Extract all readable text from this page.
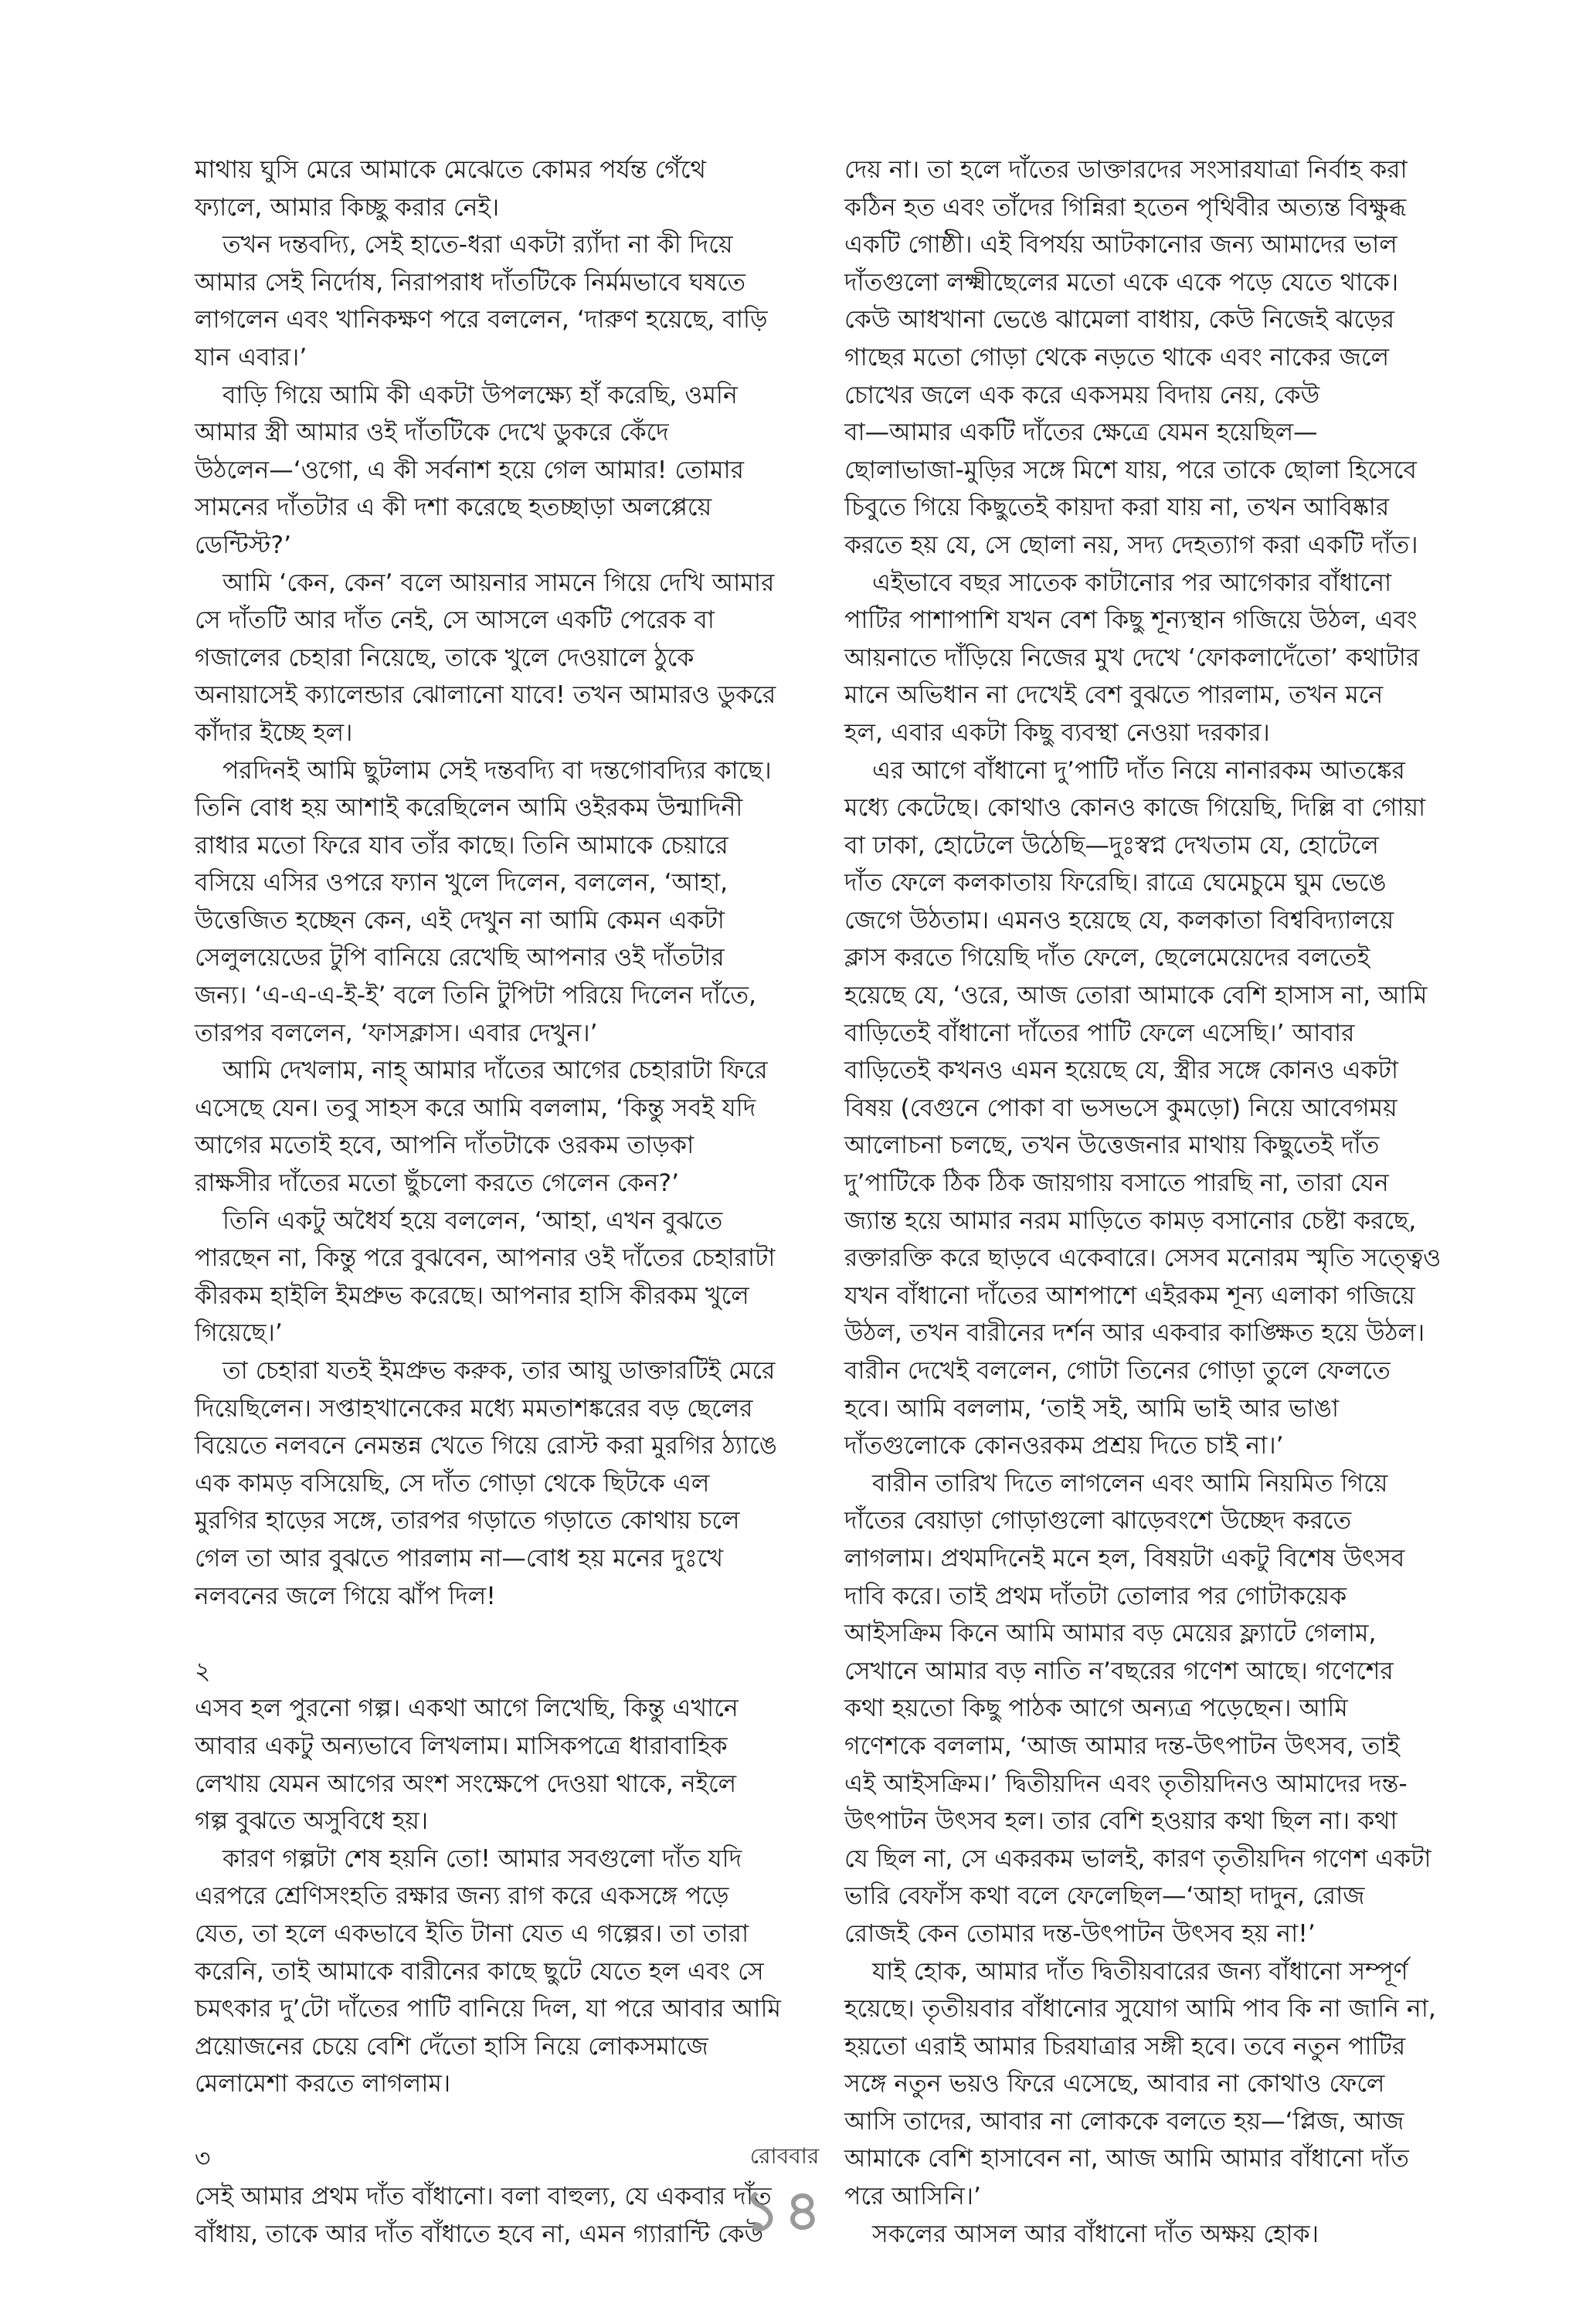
মাথায় ঘুসি মেরে আমাকে মেঝেতে কোমর পর্যন্ত গেঁথে
ফ্যালে, আমার কিচ্ছু করার নেই।
তখন দন্তবদ্যি, সেই হাতে-ধরা একটা র‍্যাঁদা না কী দিয়ে
আমার সেই নির্দোষ, নিরাপরাধ দাঁতটিকে নির্মমভাবে ঘষতে
লাগলেন এবং খানিকক্ষণ পরে বললেন, ‘দারুণ হয়েছে, বাড়ি
যান এবার।’
বাড়ি গিয়ে আমি কী একটা উপলক্ষ্যে হাঁ করেছি, ওমনি
আমার স্ত্রী আমার ওই দাঁতটিকে দেখে ডুকরে কেঁদে
উঠলেন—‘ওগো, এ কী সর্বনাশ হয়ে গেল আমার! তোমার
সামনের দাঁতটার এ কী দশা করেছে হতচ্ছাড়া অলপ্পেয়ে
ডেন্টিস্ট?’
আমি ‘কেন, কেন’ বলে আয়নার সামনে গিয়ে দেখি আমার
সে দাঁতটি আর দাঁত নেই, সে আসলে একটি পেরেক বা
গজালের চেহারা নিয়েছে, তাকে খুলে দেওয়ালে ঠুকে
অনায়াসেই ক্যালেন্ডার ঝোলানো যাবে! তখন আমারও ডুকরে
কাঁদার ইচ্ছে হল।
পরদিনই আমি ছুটলাম সেই দন্তবদ্যি বা দন্তগোবদ্যির কাছে।
তিনি বোধ হয় আশাই করেছিলেন আমি ওইরকম উন্মাদিনী
রাধার মতো ফিরে যাব তাঁর কাছে। তিনি আমাকে চেয়ারে
বসিয়ে এসির ওপরে ফ্যান খুলে দিলেন, বললেন, ‘আহা,
উত্তেজিত হচ্ছেন কেন, এই দেখুন না আমি কেমন একটা
সেলুলয়েডের টুপি বানিয়ে রেখেছি আপনার ওই দাঁতটার
জন্য। ‘এ-এ-এ-ই-ই’ বলে তিনি টুপিটা পরিয়ে দিলেন দাঁতে,
তারপর বললেন, ‘ফাসক্লাস। এবার দেখুন।’
আমি দেখলাম, নাহ্ আমার দাঁতের আগের চেহারাটা ফিরে
এসেছে যেন। তবু সাহস করে আমি বললাম, ‘কিন্তু সবই যদি
আগের মতোই হবে, আপনি দাঁতটাকে ওরকম তাড়কা
রাক্ষসীর দাঁতের মতো ছুঁচলো করতে গেলেন কেন?’
তিনি একটু অধৈর্য হয়ে বললেন, ‘আহা, এখন বুঝতে
পারছেন না, কিন্তু পরে বুঝবেন, আপনার ওই দাঁতের চেহারাটা
কীরকম হাইলি ইমপ্রুভ করেছে। আপনার হাসি কীরকম খুলে
গিয়েছে।’
তা চেহারা যতই ইমপ্রুভ করুক, তার আয়ু ডাক্তারটিই মেরে
দিয়েছিলেন। সপ্তাহখানেকের মধ্যে মমতাশঙ্করের বড় ছেলের
বিয়েতে নলবনে নেমন্তন্ন খেতে গিয়ে রোস্ট করা মুরগির ঠ্যাঙে
এক কামড় বসিয়েছি, সে দাঁত গোড়া থেকে ছিটকে এল
মুরগির হাড়ের সঙ্গে, তারপর গড়াতে গড়াতে কোথায় চলে
গেল তা আর বুঝতে পারলাম না—বোধ হয় মনের দুঃখে
নলবনের জলে গিয়ে ঝাঁপ দিল!
২
এসব হল পুরনো গল্প। একথা আগে লিখেছি, কিন্তু এখানে
আবার একটু অন্যভাবে লিখলাম। মাসিকপত্রে ধারাবাহিক
লেখায় যেমন আগের অংশ সংক্ষেপে দেওয়া থাকে, নইলে
গল্প বুঝতে অসুবিধে হয়।
কারণ গল্পটা শেষ হয়নি তো! আমার সবগুলো দাঁত যদি
এরপরে শ্রেণিসংহতি রক্ষার জন্য রাগ করে একসঙ্গে পড়ে
যেত, তা হলে একভাবে ইতি টানা যেত এ গল্পের। তা তারা
করেনি, তাই আমাকে বারীনের কাছে ছুটে যেতে হল এবং সে
চমৎকার দু’টো দাঁতের পাটি বানিয়ে দিল, যা পরে আবার আমি
প্রয়োজনের চেয়ে বেশি দেঁতো হাসি নিয়ে লোকসমাজে
মেলামেশা করতে লাগলাম।
৩
সেই আমার প্রথম দাঁত বাঁধানো। বলা বাহুল্য, যে একবার দাঁত
বাঁধায়, তাকে আর দাঁত বাঁধাতে হবে না, এমন গ্যারান্টি কেউ
দেয় না। তা হলে দাঁতের ডাক্তারদের সংসারযাত্রা নির্বাহ করা
কঠিন হত এবং তাঁদের গিন্নিরা হতেন পৃথিবীর অত্যন্ত বিক্ষুব্ধ
একটি গোষ্ঠী। এই বিপর্যয় আটকানোর জন্য আমাদের ভাল
দাঁতগুলো লক্ষ্মীছেলের মতো একে একে পড়ে যেতে থাকে।
কেউ আধখানা ভেঙে ঝামেলা বাধায়, কেউ নিজেই ঝড়ের
গাছের মতো গোড়া থেকে নড়তে থাকে এবং নাকের জলে
চোখের জলে এক করে একসময় বিদায় নেয়, কেউ
বা—আমার একটি দাঁতের ক্ষেত্রে যেমন হয়েছিল—
ছোলাভাজা-মুড়ির সঙ্গে মিশে যায়, পরে তাকে ছোলা হিসেবে
চিবুতে গিয়ে কিছুতেই কায়দা করা যায় না, তখন আবিষ্কার
করতে হয় যে, সে ছোলা নয়, সদ্য দেহত্যাগ করা একটি দাঁত।
এইভাবে বছর সাতেক কাটানোর পর আগেকার বাঁধানো
পাটির পাশাপাশি যখন বেশ কিছু শূন্যস্থান গজিয়ে উঠল, এবং
আয়নাতে দাঁড়িয়ে নিজের মুখ দেখে ‘ফোকলাদেঁতো’ কথাটার
মানে অভিধান না দেখেই বেশ বুঝতে পারলাম, তখন মনে
হল, এবার একটা কিছু ব্যবস্থা নেওয়া দরকার।
এর আগে বাঁধানো দু’পাটি দাঁত নিয়ে নানারকম আতঙ্কের
মধ্যে কেটেছে। কোথাও কোনও কাজে গিয়েছি, দিল্লি বা গোয়া
বা ঢাকা, হোটেলে উঠেছি—দুঃস্বপ্ন দেখতাম যে, হোটেলে
দাঁত ফেলে কলকাতায় ফিরেছি। রাত্রে ঘেমেচুমে ঘুম ভেঙে
জেগে উঠতাম। এমনও হয়েছে যে, কলকাতা বিশ্ববিদ্যালয়ে
ক্লাস করতে গিয়েছি দাঁত ফেলে, ছেলেমেয়েদের বলতেই
হয়েছে যে, ‘ওরে, আজ তোরা আমাকে বেশি হাসাস না, আমি
বাড়িতেই বাঁধানো দাঁতের পাটি ফেলে এসেছি।’ আবার
বাড়িতেই কখনও এমন হয়েছে যে, স্ত্রীর সঙ্গে কোনও একটা
বিষয় (বেগুনে পোকা বা ভসভসে কুমড়ো) নিয়ে আবেগময়
আলোচনা চলছে, তখন উত্তেজনার মাথায় কিছুতেই দাঁত
দু’পাটিকে ঠিক ঠিক জায়গায় বসাতে পারছি না, তারা যেন
জ্যান্ত হয়ে আমার নরম মাড়িতে কামড় বসানোর চেষ্টা করছে,
রক্তারক্তি করে ছাড়বে একেবারে। সেসব মনোরম স্মৃতি সত্ত্বেও
যখন বাঁধানো দাঁতের আশপাশে এইরকম শূন্য এলাকা গজিয়ে
উঠল, তখন বারীনের দর্শন আর একবার কাঙ্ক্ষিত হয়ে উঠল।
বারীন দেখেই বললেন, গোটা তিনের গোড়া তুলে ফেলতে
হবে। আমি বললাম, ‘তাই সই, আমি ভাই আর ভাঙা
দাঁতগুলোকে কোনওরকম প্রশ্রয় দিতে চাই না।’
বারীন তারিখ দিতে লাগলেন এবং আমি নিয়মিত গিয়ে
দাঁতের বেয়াড়া গোড়াগুলো ঝাড়েবংশে উচ্ছেদ করতে
লাগলাম। প্রথমদিনেই মনে হল, বিষয়টা একটু বিশেষ উৎসব
দাবি করে। তাই প্রথম দাঁতটা তোলার পর গোটাকয়েক
আইসক্রিম কিনে আমি আমার বড় মেয়ের ফ্ল্যাটে গেলাম,
সেখানে আমার বড় নাতি ন’বছরের গণেশ আছে। গণেশের
কথা হয়তো কিছু পাঠক আগে অন্যত্র পড়েছেন। আমি
গণেশকে বললাম, ‘আজ আমার দন্ত-উৎপাটন উৎসব, তাই
এই আইসক্রিম।’ দ্বিতীয়দিন এবং তৃতীয়দিনও আমাদের দন্ত-
উৎপাটন উৎসব হল। তার বেশি হওয়ার কথা ছিল না। কথা
যে ছিল না, সে একরকম ভালই, কারণ তৃতীয়দিন গণেশ একটা
ভারি বেফাঁস কথা বলে ফেলেছিল—‘আহা দাদুন, রোজ
রোজই কেন তোমার দন্ত-উৎপাটন উৎসব হয় না!’
যাই হোক, আমার দাঁত দ্বিতীয়বারের জন্য বাঁধানো সম্পূর্ণ
হয়েছে। তৃতীয়বার বাঁধানোর সুযোগ আমি পাব কি না জানি না,
হয়তো এরাই আমার চিরযাত্রার সঙ্গী হবে। তবে নতুন পাটির
সঙ্গে নতুন ভয়ও ফিরে এসেছে, আবার না কোথাও ফেলে
আসি তাদের, আবার না লোককে বলতে হয়—‘প্লিজ, আজ
আমাকে বেশি হাসাবেন না, আজ আমি আমার বাঁধানো দাঁত
পরে আসিনি।’
সকলের আসল আর বাঁধানো দাঁত অক্ষয় হোক।
রোববার
১৪
